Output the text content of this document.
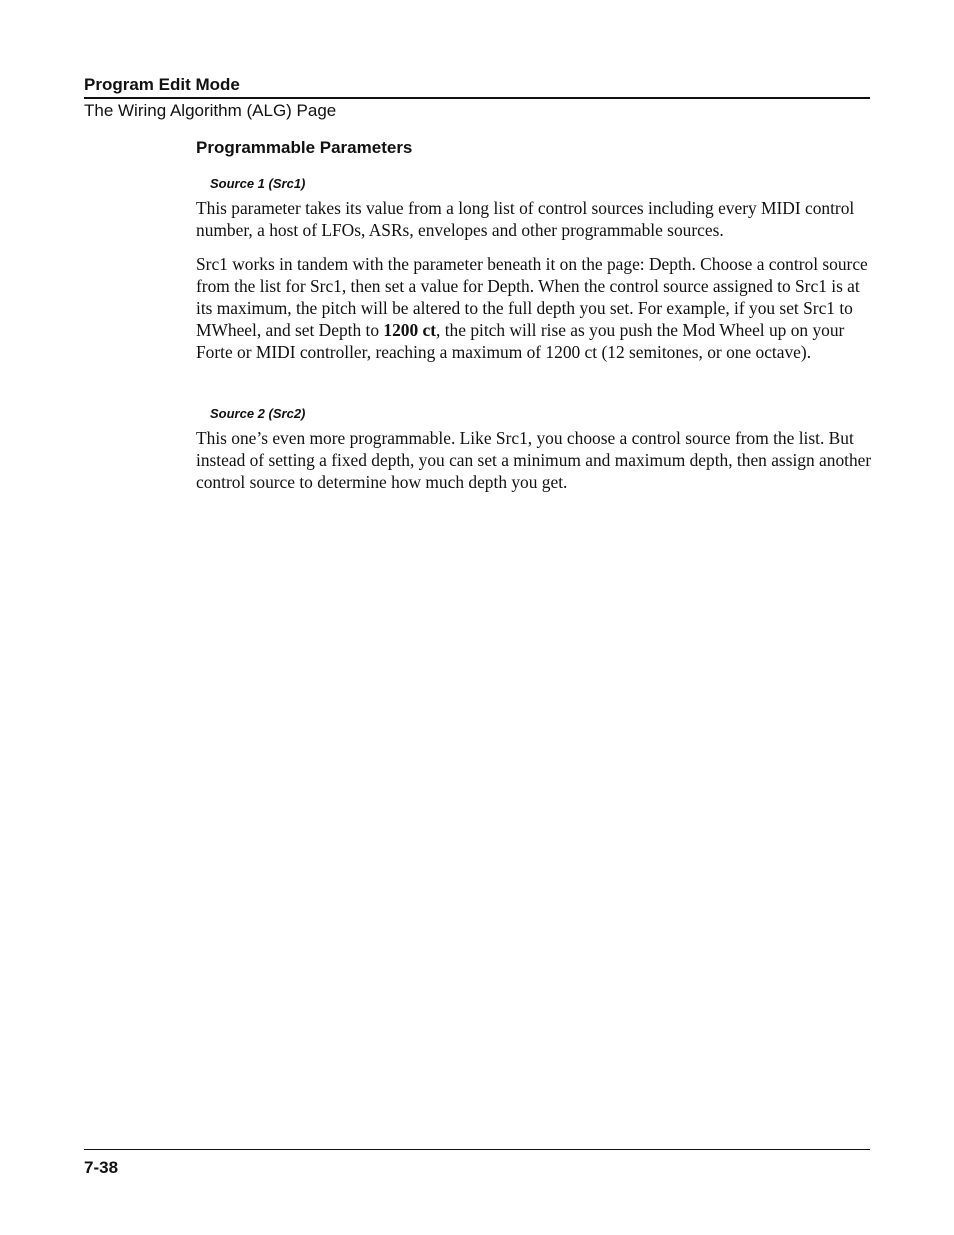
Program Edit Mode
The Wiring Algorithm (ALG) Page
Programmable Parameters
Source 1 (Src1)

This parameter takes its value from a long list of control sources including every MIDI control number, a host of LFOs, ASRs, envelopes and other programmable sources.

Src1 works in tandem with the parameter beneath it on the page: Depth. Choose a control source from the list for Src1, then set a value for Depth. When the control source assigned to Src1 is at its maximum, the pitch will be altered to the full depth you set. For example, if you set Src1 to MWheel, and set Depth to 1200 ct, the pitch will rise as you push the Mod Wheel up on your Forte or MIDI controller, reaching a maximum of 1200 ct (12 semitones, or one octave).

Source 2 (Src2)

This one’s even more programmable. Like Src1, you choose a control source from the list. But instead of setting a fixed depth, you can set a minimum and maximum depth, then assign another control source to determine how much depth you get.

7-38
